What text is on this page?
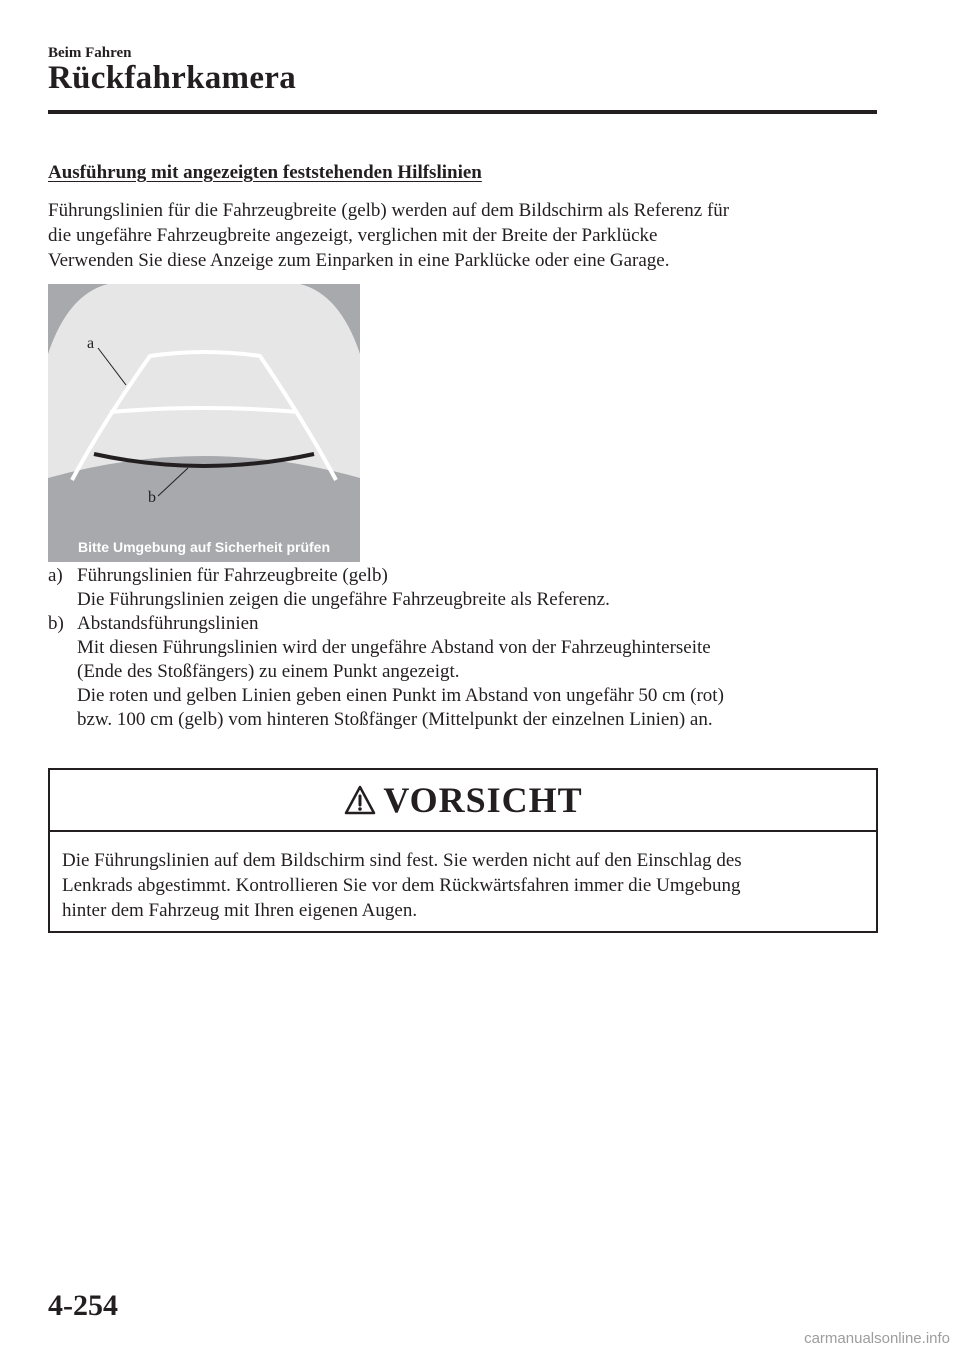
Beim Fahren
Rückfahrkamera
Ausführung mit angezeigten feststehenden Hilfslinien

Führungslinien für die Fahrzeugbreite (gelb) werden auf dem Bildschirm als Referenz für
die ungefähre Fahrzeugbreite angezeigt, verglichen mit der Breite der Parklücke
Verwenden Sie diese Anzeige zum Einparken in eine Parklücke oder eine Garage.

a
b
Bitte Umgebung auf Sicherheit prüfen
a) Führungslinien für Fahrzeugbreite (gelb)
Die Führungslinien zeigen die ungefähre Fahrzeugbreite als Referenz.
b) Abstandsführungslinien
Mit diesen Führungslinien wird der ungefähre Abstand von der Fahrzeughinterseite
(Ende des Stoßfängers) zu einem Punkt angezeigt.
Die roten und gelben Linien geben einen Punkt im Abstand von ungefähr 50 cm (rot)
bzw. 100 cm (gelb) vom hinteren Stoßfänger (Mittelpunkt der einzelnen Linien) an.
VORSICHT

Die Führungslinien auf dem Bildschirm sind fest. Sie werden nicht auf den Einschlag des
Lenkrads abgestimmt. Kontrollieren Sie vor dem Rückwärtsfahren immer die Umgebung
hinter dem Fahrzeug mit Ihren eigenen Augen.

4-254
carmanualsonline.info
